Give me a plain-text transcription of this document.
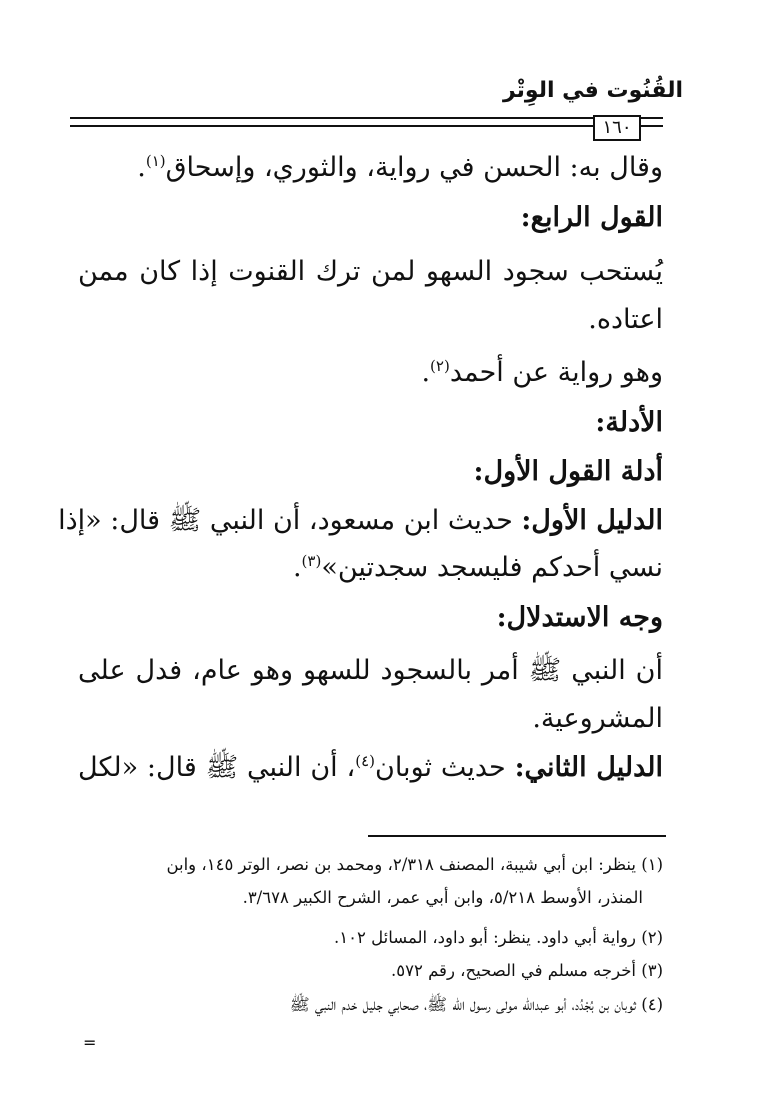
القُنُوت في الوِتْر
١٦٠
وقال به: الحسن في رواية، والثوري، وإسحاق$^{(١)}$.
القول الرابع:
يُستحب سجود السهو لمن ترك القنوت إذا كان ممن
اعتاده.
وهو رواية عن أحمد$^{(٢)}$.
الأدلة:
أدلة القول الأول:
الدليل الأول: حديث ابن مسعود، أن النبي ﷺ قال: «إذا
نسي أحدكم فليسجد سجدتين»$^{(٣)}$.
وجه الاستدلال:
أن النبي ﷺ أمر بالسجود للسهو وهو عام، فدل على
المشروعية.
الدليل الثاني: حديث ثوبان$^{(٤)}$، أن النبي ﷺ قال: «لكل
(١) ينظر: ابن أبي شيبة، المصنف ٢/٣١٨، ومحمد بن نصر، الوتر ١٤٥، وابن
المنذر، الأوسط ٥/٢١٨، وابن أبي عمر، الشرح الكبير ٣/٦٧٨.
(٢) رواية أبي داود. ينظر: أبو داود، المسائل ١٠٢.
(٣) أخرجه مسلم في الصحيح، رقم ٥٧٢.
(٤) ثوبان بن بُجْدُد، أبو عبدالله مولى رسول الله ﷺ، صحابي جليل خدم النبي ﷺ
=
